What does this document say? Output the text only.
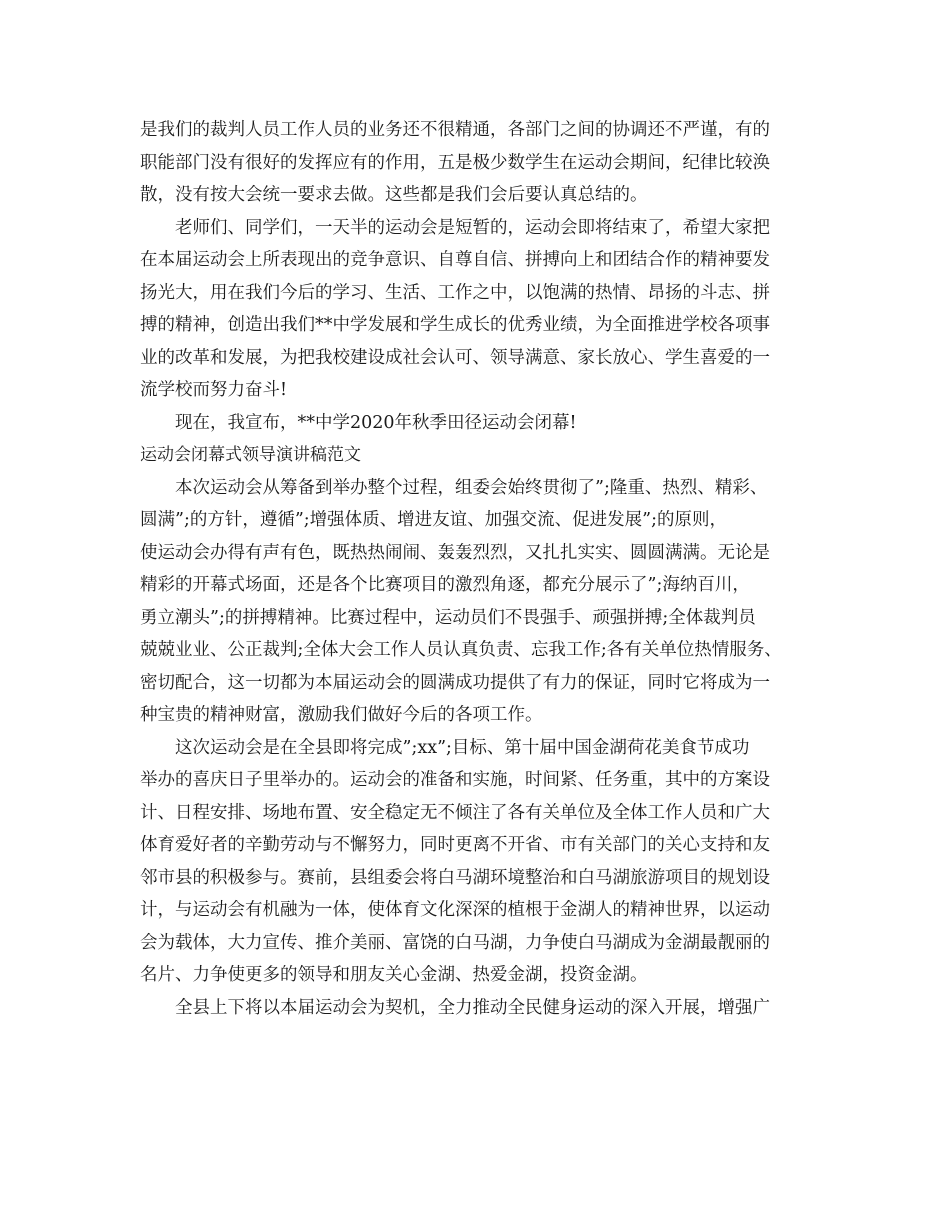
是我们的裁判人员工作人员的业务还不很精通，各部门之间的协调还不严谨，有的
职能部门没有很好的发挥应有的作用，五是极少数学生在运动会期间，纪律比较涣
散，没有按大会统一要求去做。这些都是我们会后要认真总结的。
老师们、同学们，一天半的运动会是短暂的，运动会即将结束了，希望大家把
在本届运动会上所表现出的竞争意识、自尊自信、拼搏向上和团结合作的精神要发
扬光大，用在我们今后的学习、生活、工作之中，以饱满的热情、昂扬的斗志、拼
搏的精神，创造出我们**中学发展和学生成长的优秀业绩，为全面推进学校各项事
业的改革和发展，为把我校建设成社会认可、领导满意、家长放心、学生喜爱的一
流学校而努力奋斗!
现在，我宣布，**中学2020年秋季田径运动会闭幕!
运动会闭幕式领导演讲稿范文
本次运动会从筹备到举办整个过程，组委会始终贯彻了”;隆重、热烈、精彩、
圆满”;的方针，遵循”;增强体质、增进友谊、加强交流、促进发展”;的原则，
使运动会办得有声有色，既热热闹闹、轰轰烈烈，又扎扎实实、圆圆满满。无论是
精彩的开幕式场面，还是各个比赛项目的激烈角逐，都充分展示了”;海纳百川，
勇立潮头”;的拼搏精神。比赛过程中，运动员们不畏强手、顽强拼搏;全体裁判员
兢兢业业、公正裁判;全体大会工作人员认真负责、忘我工作;各有关单位热情服务、
密切配合，这一切都为本届运动会的圆满成功提供了有力的保证，同时它将成为一
种宝贵的精神财富，激励我们做好今后的各项工作。
这次运动会是在全县即将完成”;xx”;目标、第十届中国金湖荷花美食节成功
举办的喜庆日子里举办的。运动会的准备和实施，时间紧、任务重，其中的方案设
计、日程安排、场地布置、安全稳定无不倾注了各有关单位及全体工作人员和广大
体育爱好者的辛勤劳动与不懈努力，同时更离不开省、市有关部门的关心支持和友
邻市县的积极参与。赛前，县组委会将白马湖环境整治和白马湖旅游项目的规划设
计，与运动会有机融为一体，使体育文化深深的植根于金湖人的精神世界，以运动
会为载体，大力宣传、推介美丽、富饶的白马湖，力争使白马湖成为金湖最靓丽的
名片、力争使更多的领导和朋友关心金湖、热爱金湖，投资金湖。
全县上下将以本届运动会为契机，全力推动全民健身运动的深入开展，增强广
